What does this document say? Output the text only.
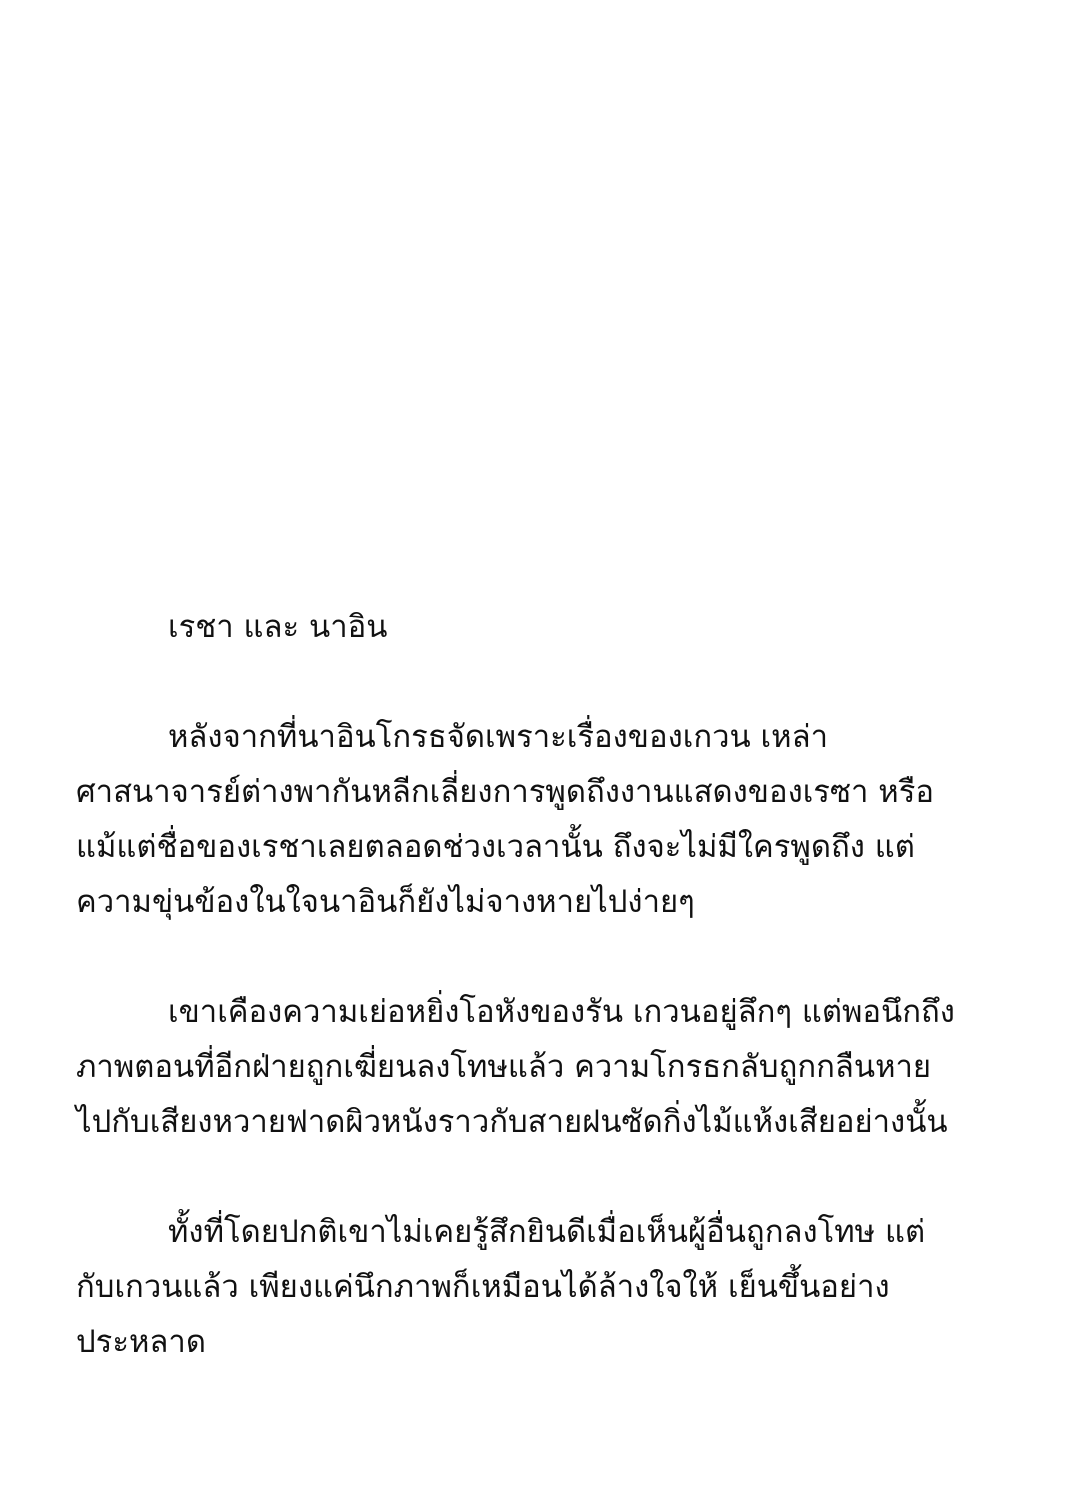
เรชา และ นาอิน

หลังจากที่นาอินโกรธจัดเพราะเรื่องของเกวน เหล่า
ศาสนาจารย์ต่างพากันหลีกเลี่ยงการพูดถึงงานแสดงของเรซา หรือ
แม้แต่ชื่อของเรชาเลยตลอดช่วงเวลานั้น ถึงจะไม่มีใครพูดถึง แต่
ความขุ่นข้องในใจนาอินก็ยังไม่จางหายไปง่ายๆ

เขาเคืองความเย่อหยิ่งโอหังของรัน เกวนอยู่ลึกๆ แต่พอนึกถึง
ภาพตอนที่อีกฝ่ายถูกเฆี่ยนลงโทษแล้ว ความโกรธกลับถูกกลืนหาย
ไปกับเสียงหวายฟาดผิวหนังราวกับสายฝนซัดกิ่งไม้แห้งเสียอย่างนั้น

ทั้งที่โดยปกติเขาไม่เคยรู้สึกยินดีเมื่อเห็นผู้อื่นถูกลงโทษ แต่
กับเกวนแล้ว เพียงแค่นึกภาพก็เหมือนได้ล้างใจให้ เย็นขึ้นอย่าง
ประหลาด
